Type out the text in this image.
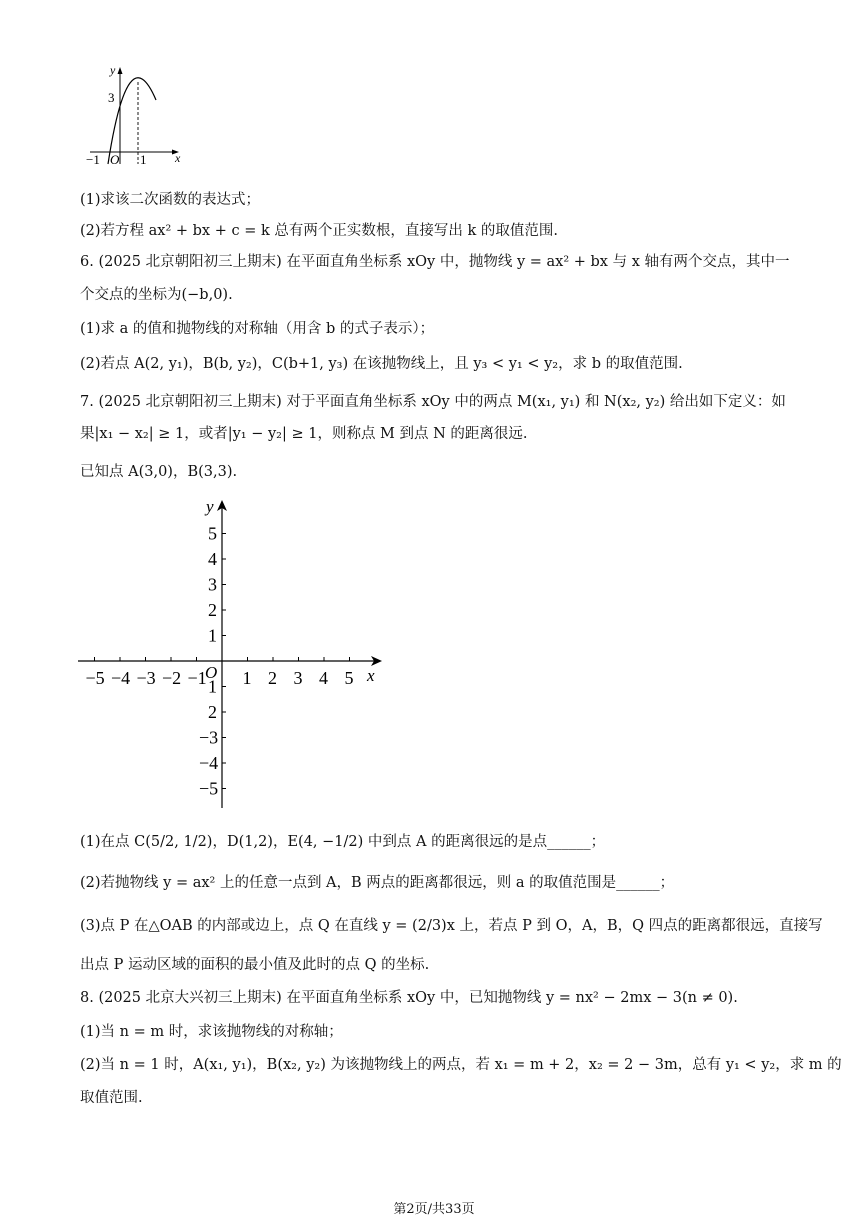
y
x
3
−1 O 1
(1)求该二次函数的表达式；
(2)若方程 ax² + bx + c = k 总有两个正实数根，直接写出 k 的取值范围.
6. (2025 北京朝阳初三上期末) 在平面直角坐标系 xOy 中，抛物线 y = ax² + bx 与 x 轴有两个交点，其中一
个交点的坐标为(−b,0).
(1)求 a 的值和抛物线的对称轴（用含 b 的式子表示）；
(2)若点 A(2, y₁)，B(b, y₂)，C(b+1, y₃) 在该抛物线上，且 y₃ < y₁ < y₂，求 b 的取值范围.
7. (2025 北京朝阳初三上期末) 对于平面直角坐标系 xOy 中的两点 M(x₁, y₁) 和 N(x₂, y₂) 给出如下定义：如
果|x₁ − x₂| ≥ 1，或者|y₁ − y₂| ≥ 1，则称点 M 到点 N 的距离很远.
已知点 A(3,0)，B(3,3).
−5 −4 −3 −2 −1 1 2 3 4 5
5
4
3
2
1
1
2
−3
−4
−5
y
x
O
(1)在点 C(5/2, 1/2)，D(1,2)，E(4, −1/2) 中到点 A 的距离很远的是点______；
(2)若抛物线 y = ax² 上的任意一点到 A，B 两点的距离都很远，则 a 的取值范围是______；
(3)点 P 在△OAB 的内部或边上，点 Q 在直线 y = (2/3)x 上，若点 P 到 O，A，B，Q 四点的距离都很远，直接写
出点 P 运动区域的面积的最小值及此时的点 Q 的坐标.
8. (2025 北京大兴初三上期末) 在平面直角坐标系 xOy 中，已知抛物线 y = nx² − 2mx − 3(n ≠ 0).
(1)当 n = m 时，求该抛物线的对称轴；
(2)当 n = 1 时，A(x₁, y₁)，B(x₂, y₂) 为该抛物线上的两点，若 x₁ = m + 2，x₂ = 2 − 3m，总有 y₁ < y₂，求 m 的
取值范围.
第2页/共33页
